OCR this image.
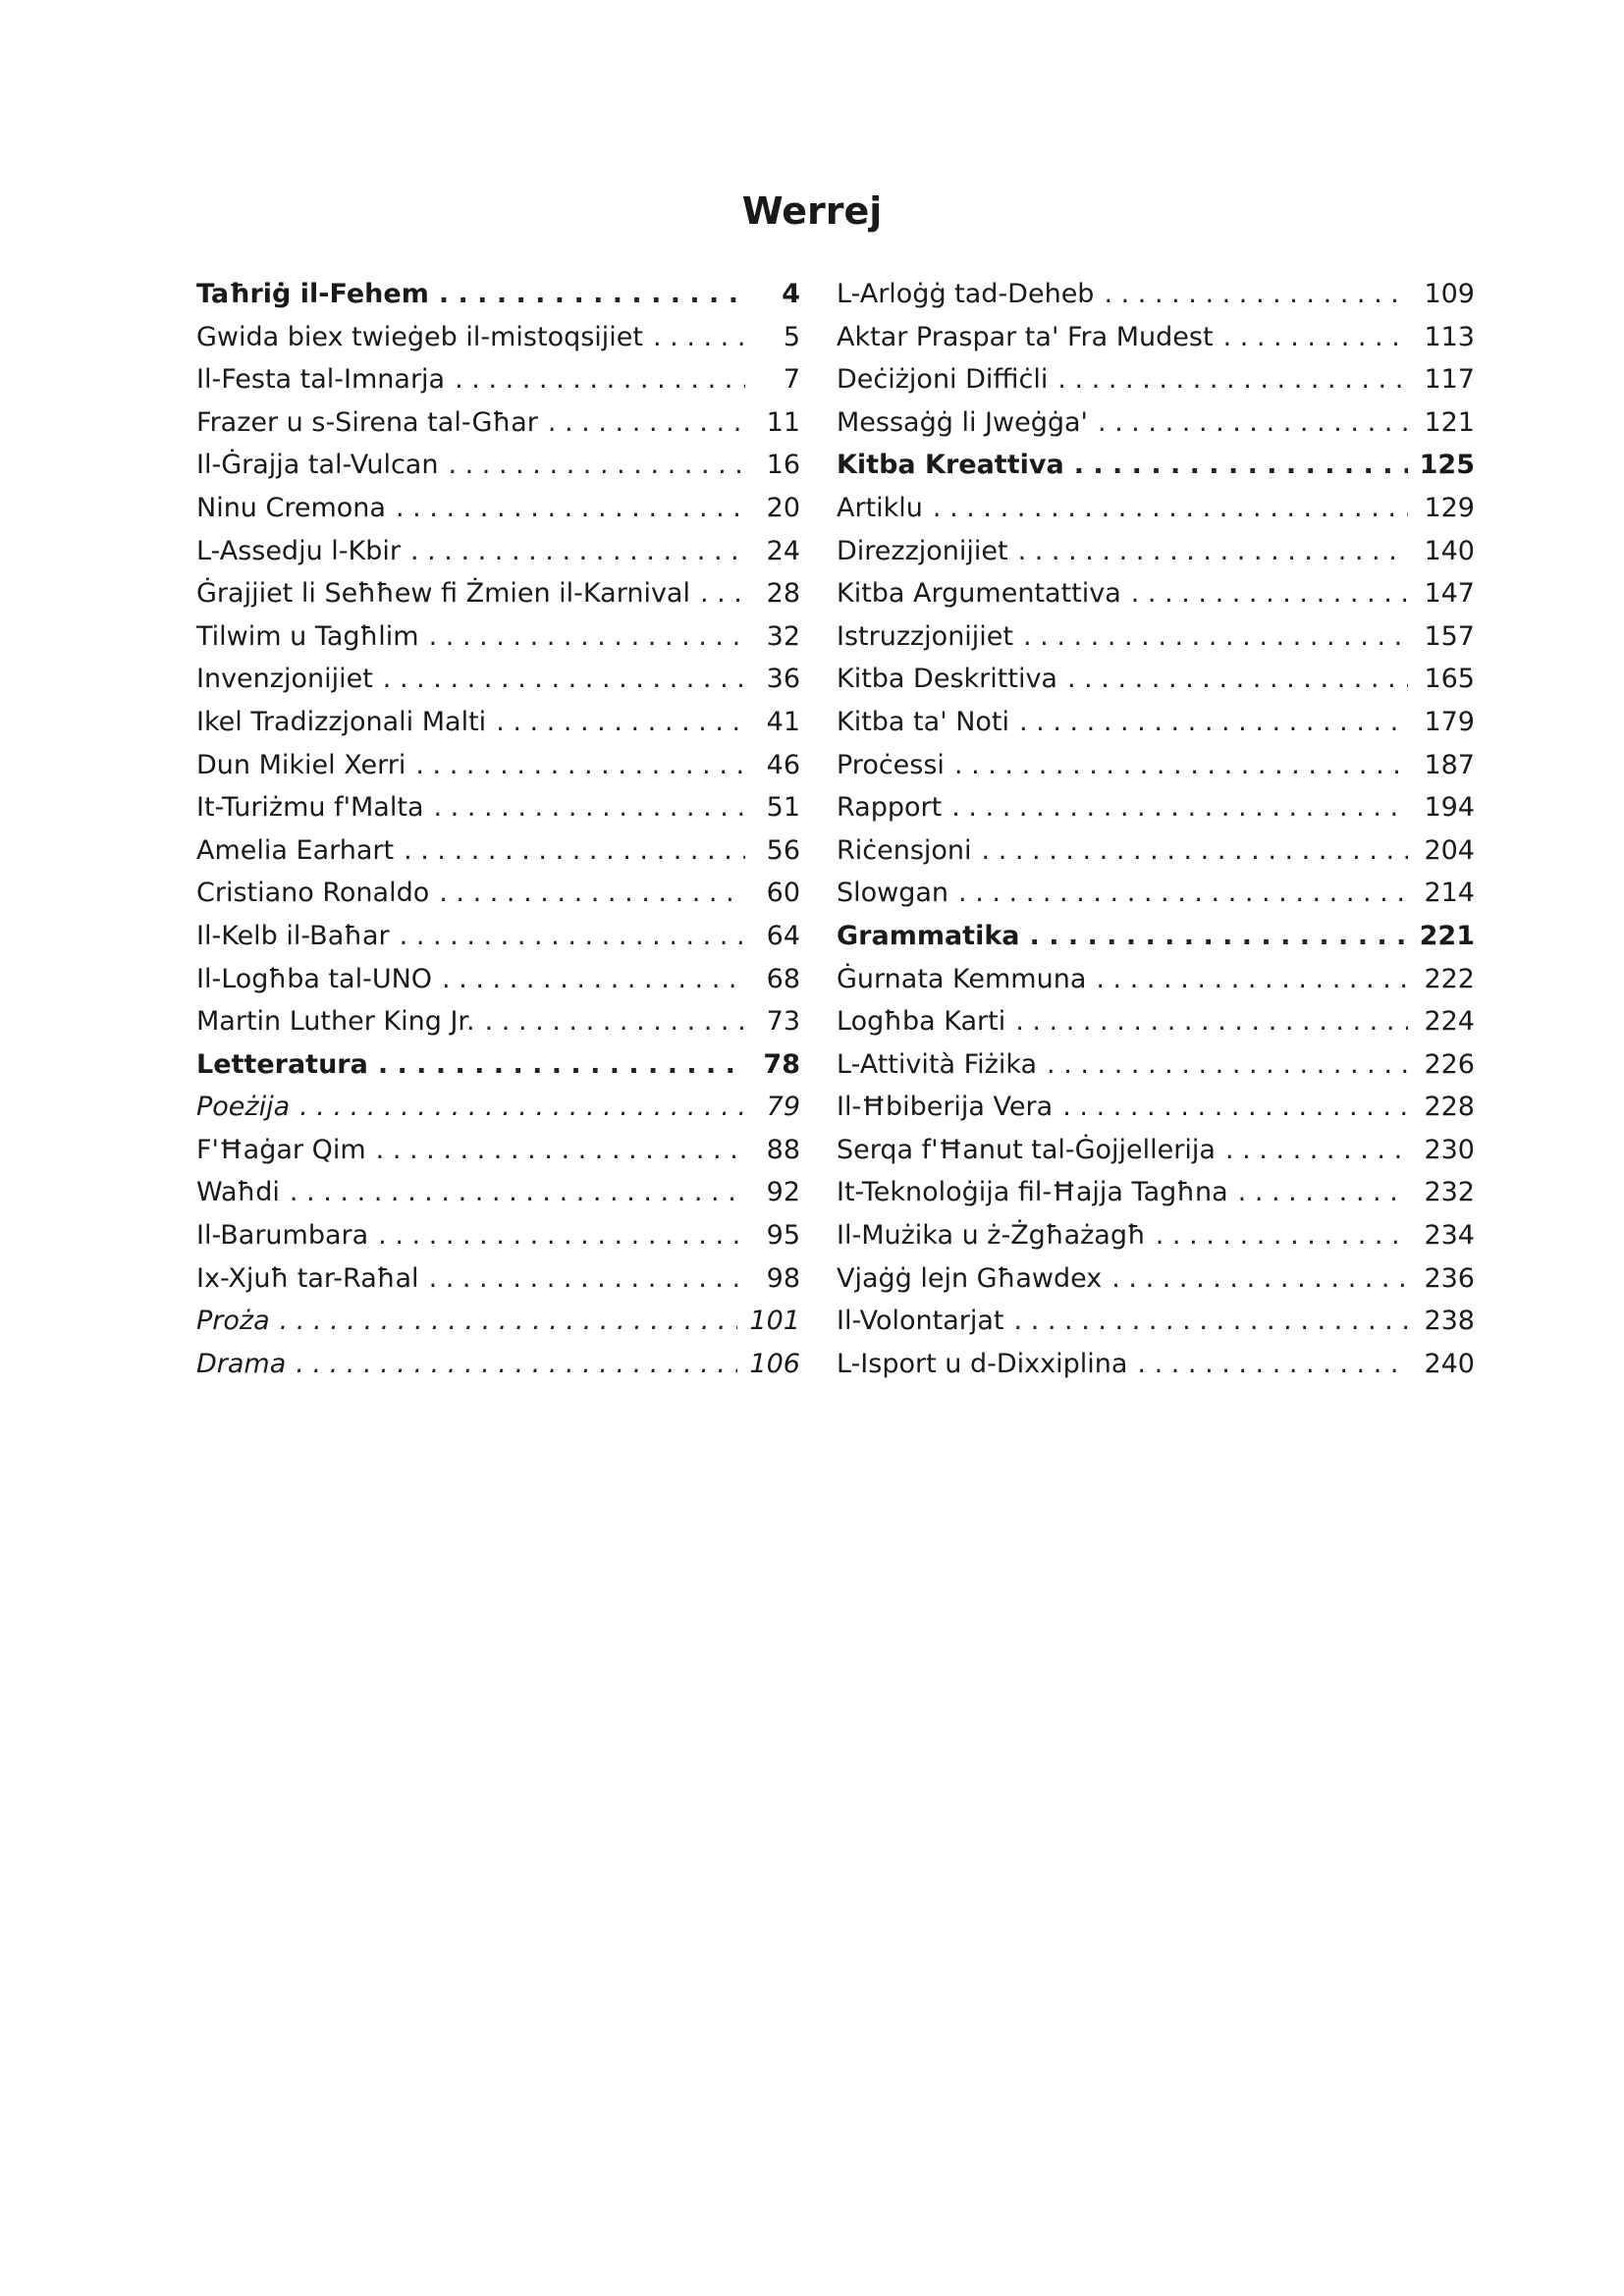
Werrej
Taħriġ il-Fehem . . .	4
Gwida biex twieġeb il-mistoqsijiet . . .	5
Il-Festa tal-Imnarja . . .	7
Frazer u s-Sirena tal-Għar . . .	11
Il-Ġrajja tal-Vulcan . . .	16
Ninu Cremona . . .	20
L-Assedju l-Kbir . . .	24
Ġrajjiet li Seħħew fi Żmien il-Karnival . . .	28
Tilwim u Tagħlim . . .	32
Invenzjonijiet . . .	36
Ikel Tradizzjonali Malti . . .	41
Dun Mikiel Xerri . . .	46
It-Turiżmu f'Malta . . .	51
Amelia Earhart . . .	56
Cristiano Ronaldo . . .	60
Il-Kelb il-Baħar . . .	64
Il-Logħba tal-UNO . . .	68
Martin Luther King Jr. . . .	73
Letteratura . . .	78
Poeżija . . .	79
F'Ħaġar Qim . . .	88
Waħdi . . .	92
Il-Barumbara . . .	95
Ix-Xjuħ tar-Raħal . . .	98
Proża . . .	101
Drama . . .	106
L-Arloġġ tad-Deheb . . .	109
Aktar Praspar ta' Fra Mudest . . .	113
Deċiżjoni Diffiċli . . .	117
Messaġġ li Jweġġa' . . .	121
Kitba Kreattiva . . .	125
Artiklu . . .	129
Direzzjonijiet . . .	140
Kitba Argumentattiva . . .	147
Istruzzjonijiet . . .	157
Kitba Deskrittiva . . .	165
Kitba ta' Noti . . .	179
Proċessi . . .	187
Rapport . . .	194
Riċensjoni . . .	204
Slowgan . . .	214
Grammatika . . .	221
Ġurnata Kemmuna . . .	222
Logħba Karti . . .	224
L-Attività Fiżika . . .	226
Il-Ħbiberija Vera . . .	228
Serqa f'Ħanut tal-Ġojjellerija . . .	230
It-Teknoloġija fil-Ħajja Tagħna . . .	232
Il-Mużika u ż-Żgħażagħ . . .	234
Vjaġġ lejn Għawdex . . .	236
Il-Volontarjat . . .	238
L-Isport u d-Dixxiplina . . .	240
